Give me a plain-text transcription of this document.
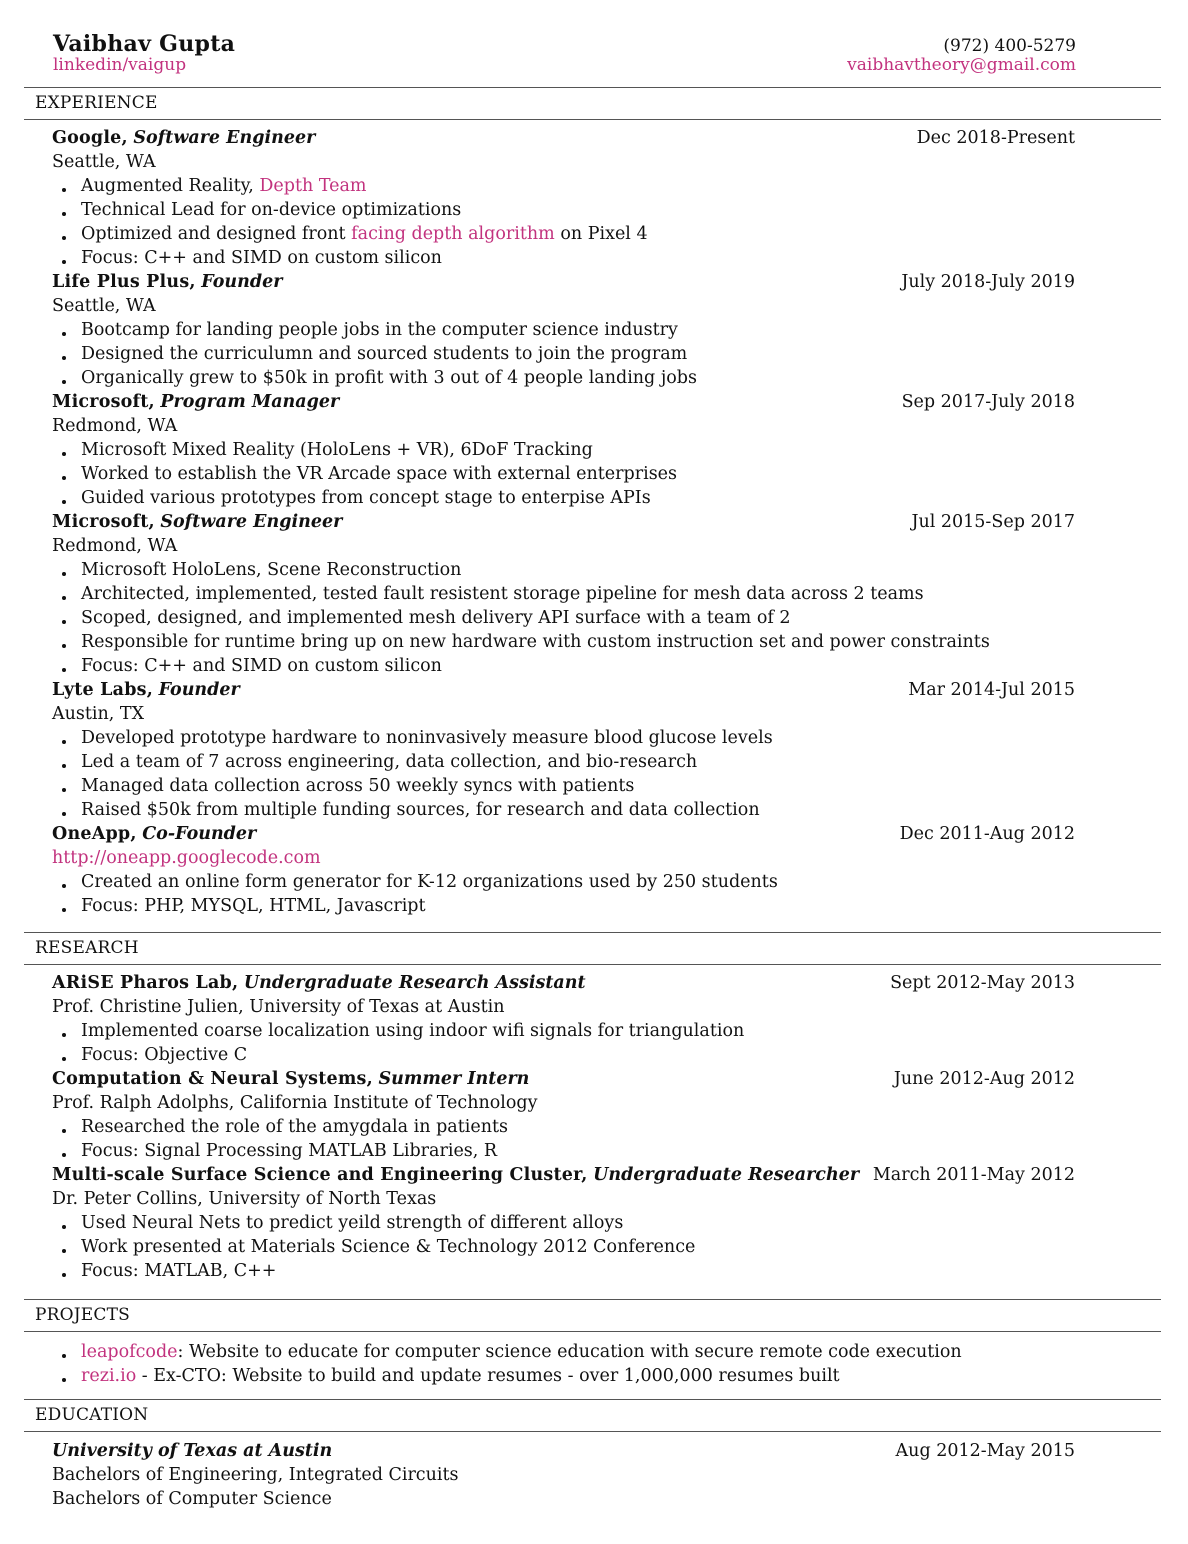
Vaibhav Gupta	(972) 400-5279
linkedin/vaigup	vaibhavtheory@gmail.com
EXPERIENCE
Google, Software Engineer	Dec 2018-Present
Seattle, WA
Augmented Reality, Depth Team
Technical Lead for on-device optimizations
Optimized and designed front facing depth algorithm on Pixel 4
Focus: C++ and SIMD on custom silicon
Life Plus Plus, Founder	July 2018-July 2019
Seattle, WA
Bootcamp for landing people jobs in the computer science industry
Designed the curriculumn and sourced students to join the program
Organically grew to $50k in profit with 3 out of 4 people landing jobs
Microsoft, Program Manager	Sep 2017-July 2018
Redmond, WA
Microsoft Mixed Reality (HoloLens + VR), 6DoF Tracking
Worked to establish the VR Arcade space with external enterprises
Guided various prototypes from concept stage to enterpise APIs
Microsoft, Software Engineer	Jul 2015-Sep 2017
Redmond, WA
Microsoft HoloLens, Scene Reconstruction
Architected, implemented, tested fault resistent storage pipeline for mesh data across 2 teams
Scoped, designed, and implemented mesh delivery API surface with a team of 2
Responsible for runtime bring up on new hardware with custom instruction set and power constraints
Focus: C++ and SIMD on custom silicon
Lyte Labs, Founder	Mar 2014-Jul 2015
Austin, TX
Developed prototype hardware to noninvasively measure blood glucose levels
Led a team of 7 across engineering, data collection, and bio-research
Managed data collection across 50 weekly syncs with patients
Raised $50k from multiple funding sources, for research and data collection
OneApp, Co-Founder	Dec 2011-Aug 2012
http://oneapp.googlecode.com
Created an online form generator for K-12 organizations used by 250 students
Focus: PHP, MYSQL, HTML, Javascript
RESEARCH
ARiSE Pharos Lab, Undergraduate Research Assistant	Sept 2012-May 2013
Prof. Christine Julien, University of Texas at Austin
Implemented coarse localization using indoor wifi signals for triangulation
Focus: Objective C
Computation & Neural Systems, Summer Intern	June 2012-Aug 2012
Prof. Ralph Adolphs, California Institute of Technology
Researched the role of the amygdala in patients
Focus: Signal Processing MATLAB Libraries, R
Multi-scale Surface Science and Engineering Cluster, Undergraduate Researcher March 2011-May 2012
Dr. Peter Collins, University of North Texas
Used Neural Nets to predict yeild strength of different alloys
Work presented at Materials Science & Technology 2012 Conference
Focus: MATLAB, C++
PROJECTS
leapofcode: Website to educate for computer science education with secure remote code execution
rezi.io - Ex-CTO: Website to build and update resumes - over 1,000,000 resumes built
EDUCATION
University of Texas at Austin	Aug 2012-May 2015
Bachelors of Engineering, Integrated Circuits
Bachelors of Computer Science
